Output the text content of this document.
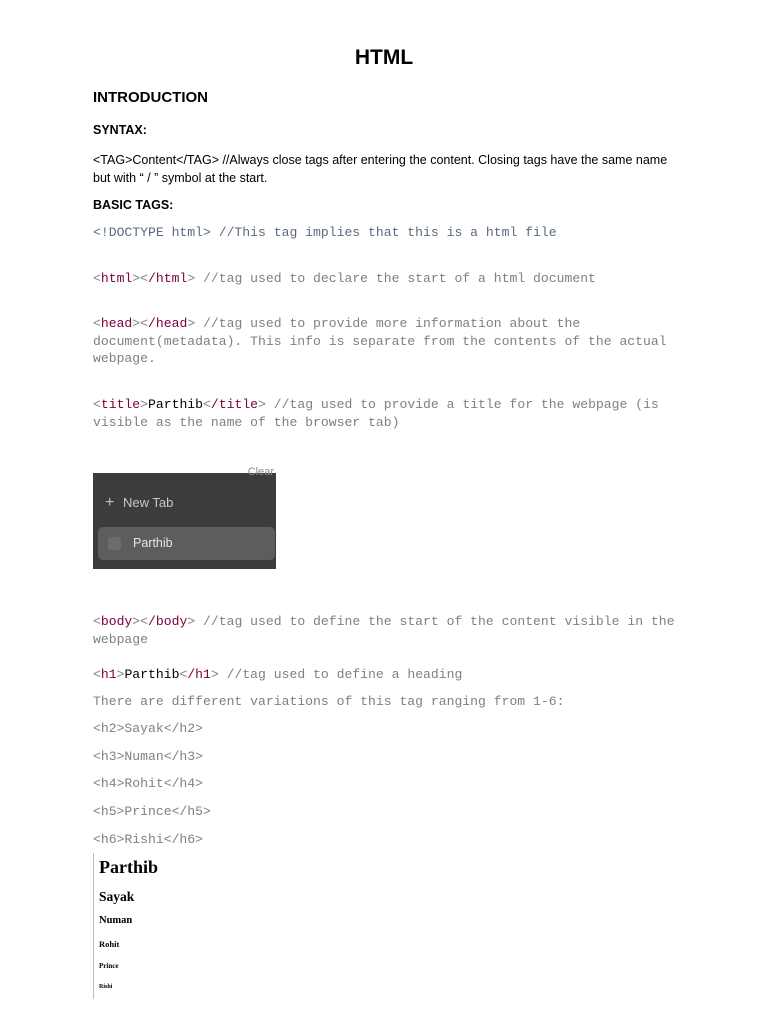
HTML
INTRODUCTION
SYNTAX:
<TAG>Content</TAG> //Always close tags after entering the content. Closing tags have the same name but with “ / ” symbol at the start.
BASIC TAGS:
<!DOCTYPE html> //This tag implies that this is a html file
<html></html> //tag used to declare the start of a html document
<head></head> //tag used to provide more information about the document(metadata). This info is separate from the contents of the actual webpage.
<title>Parthib</title> //tag used to provide a title for the webpage (is visible as the name of the browser tab)
Clear
+ New Tab
Parthib
<body></body> //tag used to define the start of the content visible in the webpage
<h1>Parthib</h1> //tag used to define a heading
There are different variations of this tag ranging from 1-6:
<h2>Sayak</h2>
<h3>Numan</h3>
<h4>Rohit</h4>
<h5>Prince</h5>
<h6>Rishi</h6>
Parthib
Sayak
Numan
Rohit
Prince
Rishi
